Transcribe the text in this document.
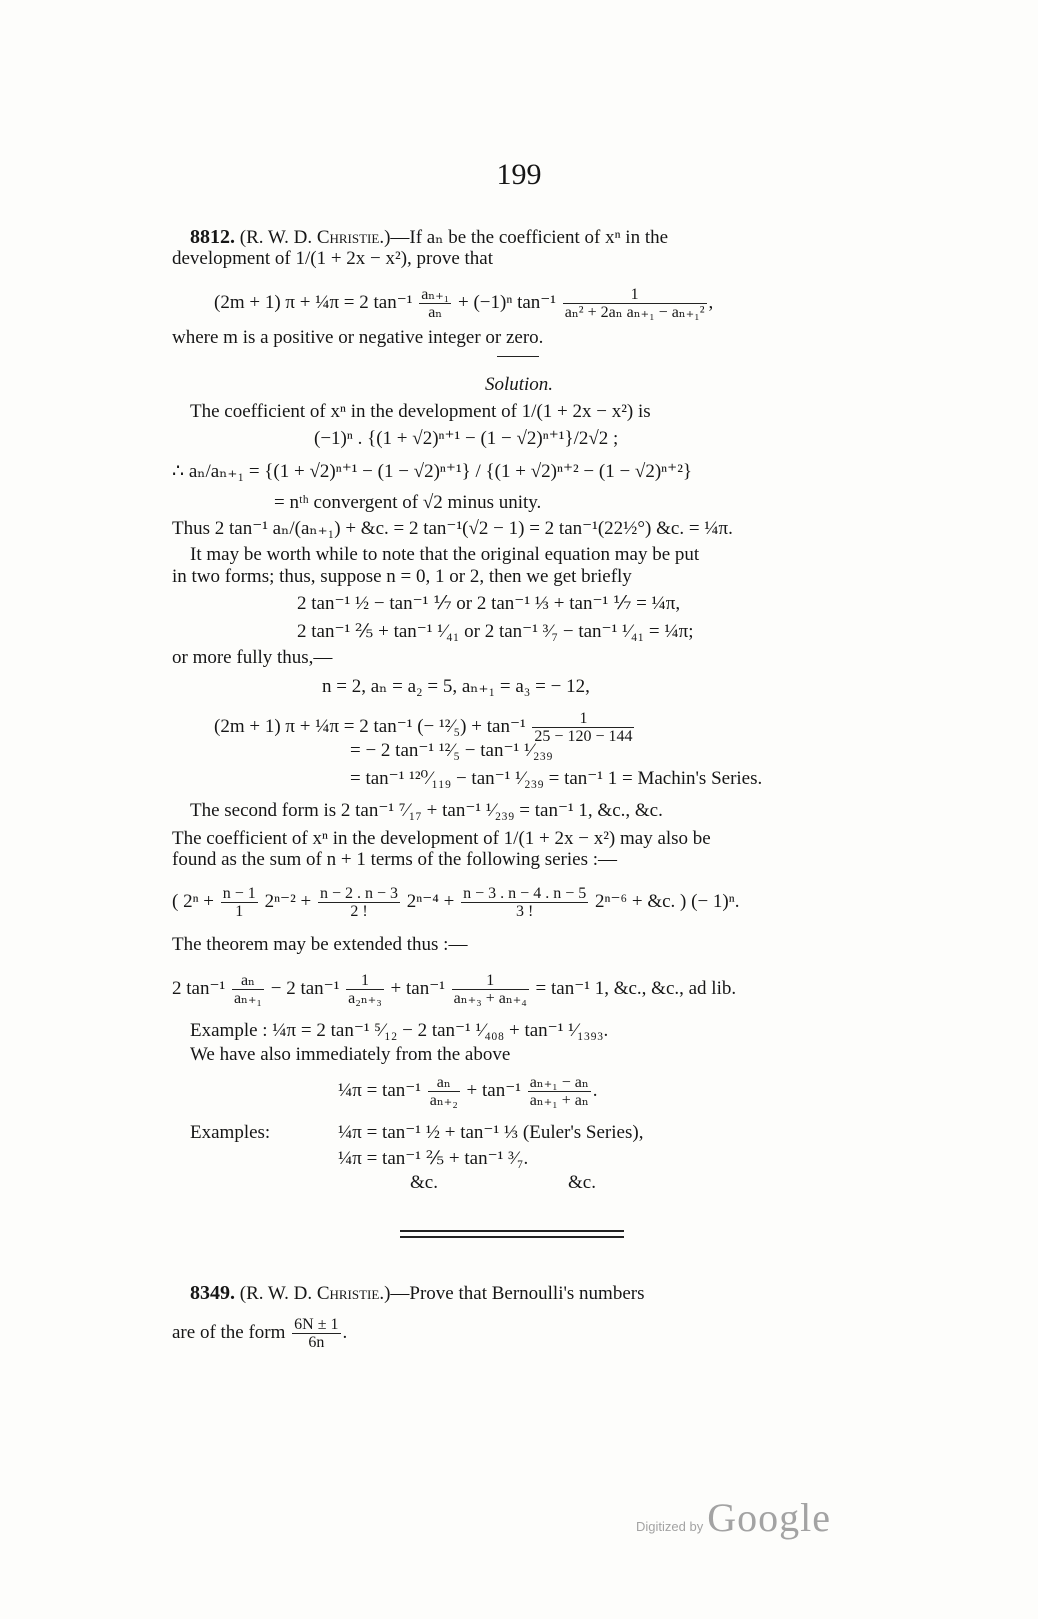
199
8812. (R. W. D. Christie.)—If aₙ be the coefficient of xⁿ in the
development of 1/(1 + 2x − x²), prove that
(2m + 1) π + ¼π = 2 $\tan^{-1} \frac{\text{aₙ₊₁}}{\text{aₙ}} + (-1)^n$ $\tan^{-1} \frac{1}{\text{aₙ² + 2aₙ aₙ₊₁ − aₙ₊₁²}}$ ,
where m is a positive or negative integer or zero.
Solution.
The coefficient of xⁿ in the development of 1/(1 + 2x − x²) is
(−1)ⁿ . {(1 + √2)ⁿ⁺¹ − (1 − √2)ⁿ⁺¹}/2√2 ;
∴ aₙ/aₙ₊₁ = {(1 + √2)ⁿ⁺¹ − (1 − √2)ⁿ⁺¹} / {(1 + √2)ⁿ⁺² − (1 − √2)ⁿ⁺²}
= nᵗʰ convergent of √2 minus unity.
Thus 2 tan⁻¹ aₙ/(aₙ₊₁) + &c. = 2 tan⁻¹(√2 − 1) = 2 tan⁻¹(22½°) &c. = ¼π.
It may be worth while to note that the original equation may be put
in two forms; thus, suppose n = 0, 1 or 2, then we get briefly
2 tan⁻¹ ½ − tan⁻¹ ⅐ or 2 tan⁻¹ ⅓ + tan⁻¹ ⅐ = ¼π,
2 tan⁻¹ ⅖ + tan⁻¹ ¹⁄₄₁ or 2 tan⁻¹ ³⁄₇ − tan⁻¹ ¹⁄₄₁ = ¼π;
or more fully thus,—
n = 2, aₙ = a₂ = 5, aₙ₊₁ = a₃ = − 12,
(2m + 1) π + ¼π = 2 tan⁻¹ (− ¹²⁄₅) + $\tan^{-1} \frac{1}{25 - 120 - 144}$
= − 2 tan⁻¹ ¹²⁄₅ − tan⁻¹ ¹⁄₂₃₉
= tan⁻¹ ¹²⁰⁄₁₁₉ − tan⁻¹ ¹⁄₂₃₉ = tan⁻¹ 1 = Machin's Series.
The second form is 2 tan⁻¹ ⁷⁄₁₇ + tan⁻¹ ¹⁄₂₃₉ = tan⁻¹ 1, &c., &c.
The coefficient of xⁿ in the development of 1/(1 + 2x − x²) may also be
found as the sum of n + 1 terms of the following series :—
( $2^n + \frac{n - 1}{1} 2^{n-2} + \frac{n - 2 . n - 3}{2 !} 2^{n-4} + \frac{n - 3 . n - 4 . n - 5}{3 !} 2^{n-6}$ + &c. ) (− 1)ⁿ.
The theorem may be extended thus :—
2 $\tan^{-1} \frac{\text{aₙ}}{\text{aₙ₊₁}} - 2$ $\tan^{-1} \frac{1}{\text{a₂ₙ₊₃}} + \tan^{-1} \frac{1}{\text{aₙ₊₃ + aₙ₊₄}} = \tan^{-1}$ 1, &c., &c., ad lib.
Example : ¼π = 2 tan⁻¹ ⁵⁄₁₂ − 2 tan⁻¹ ¹⁄₄₀₈ + tan⁻¹ ¹⁄₁₃₉₃.
We have also immediately from the above
¼π = $\tan^{-1} \frac{\text{aₙ}}{\text{aₙ₊₂}} + \tan^{-1} \frac{\text{aₙ₊₁ − aₙ}}{\text{aₙ₊₁ + aₙ}}$ .
Examples:	¼π = tan⁻¹ ½ + tan⁻¹ ⅓ (Euler's Series),
¼π = tan⁻¹ ⅖ + tan⁻¹ ³⁄₇.
&c.	&c.
8349. (R. W. D. Christie.)—Prove that Bernoulli's numbers
are of the form $\frac{6N \pm 1}{6n}$ .
Digitized by Google
